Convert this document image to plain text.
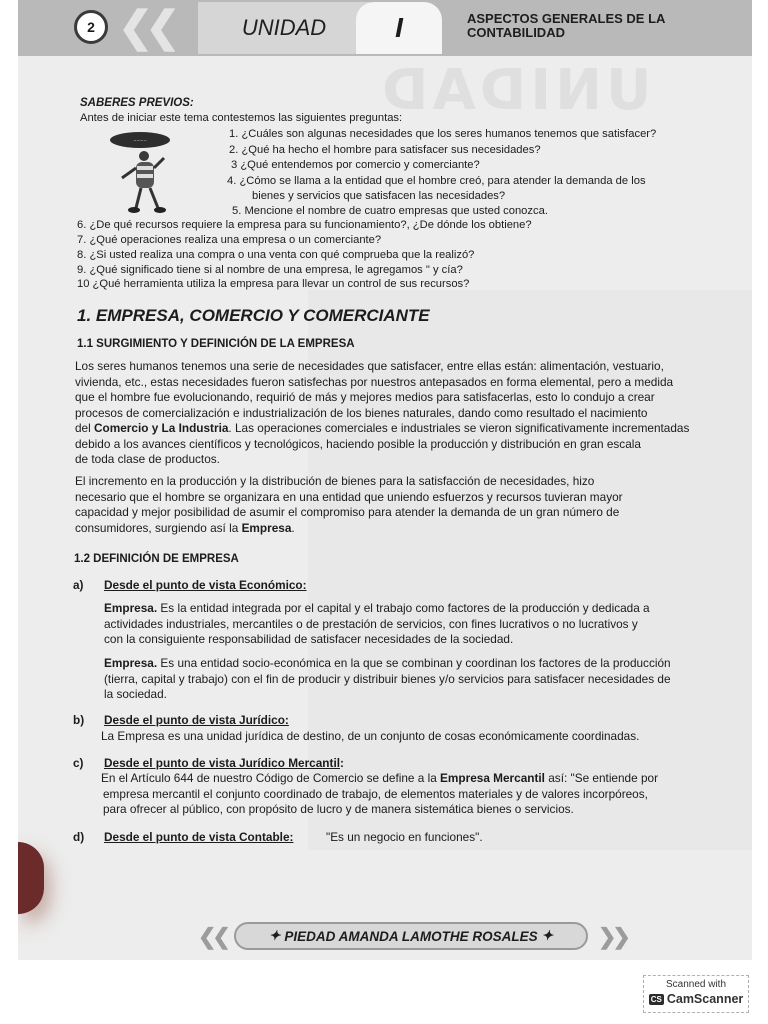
2 ❮❮	UNIDAD	I	ASPECTOS GENERALES DE LA
CONTABILIDAD
UNIDAD
SABERES PREVIOS:
Antes de iniciar este tema contestemos las siguientes preguntas:
~~~~
1. ¿Cuáles son algunas necesidades que los seres humanos tenemos que satisfacer?
2. ¿Qué ha hecho el hombre para satisfacer sus necesidades?
3 ¿Qué entendemos por comercio y comerciante?
4. ¿Cómo se llama a la entidad que el hombre creó, para atender la demanda de los
bienes y servicios que satisfacen las necesidades?
5. Mencione el nombre de cuatro empresas que usted conozca.
6. ¿De qué recursos requiere la empresa para su funcionamiento?, ¿De dónde los obtiene?
7. ¿Qué operaciones realiza una empresa o un comerciante?
8. ¿Si usted realiza una compra o una venta con qué comprueba que la realizó?
9. ¿Qué significado tiene si al nombre de una empresa, le agregamos " y cía?
10 ¿Qué herramienta utiliza la empresa para llevar un control de sus recursos?
1. EMPRESA, COMERCIO Y COMERCIANTE
1.1 SURGIMIENTO Y DEFINICIÓN DE LA EMPRESA
Los seres humanos tenemos una serie de necesidades que satisfacer, entre ellas están: alimentación, vestuario,
vivienda, etc., estas necesidades fueron satisfechas por nuestros antepasados en forma elemental, pero a medida
que el hombre fue evolucionando, requirió de más y mejores medios para satisfacerlas, esto lo condujo a crear
procesos de comercialización e industrialización de los bienes naturales, dando como resultado el nacimiento
del Comercio y La Industria. Las operaciones comerciales e industriales se vieron significativamente incrementadas
debido a los avances científicos y tecnológicos, haciendo posible la producción y distribución en gran escala
de toda clase de productos.
El incremento en la producción y la distribución de bienes para la satisfacción de necesidades, hizo
necesario que el hombre se organizara en una entidad que uniendo esfuerzos y recursos tuvieran mayor
capacidad y mejor posibilidad de asumir el compromiso para atender la demanda de un gran número de
consumidores, surgiendo así la Empresa.
1.2 DEFINICIÓN DE EMPRESA
a) Desde el punto de vista Económico:
Empresa. Es la entidad integrada por el capital y el trabajo como factores de la producción y dedicada a
actividades industriales, mercantiles o de prestación de servicios, con fines lucrativos o no lucrativos y
con la consiguiente responsabilidad de satisfacer necesidades de la sociedad.
Empresa. Es una entidad socio-económica en la que se combinan y coordinan los factores de la producción
(tierra, capital y trabajo) con el fin de producir y distribuir bienes y/o servicios para satisfacer necesidades de
la sociedad.
b) Desde el punto de vista Jurídico:
La Empresa es una unidad jurídica de destino, de un conjunto de cosas económicamente coordinadas.
c) Desde el punto de vista Jurídico Mercantil:
En el Artículo 644 de nuestro Código de Comercio se define a la Empresa Mercantil así: "Se entiende por
empresa mercantil el conjunto coordinado de trabajo, de elementos materiales y de valores incorpóreos,
para ofrecer al público, con propósito de lucro y de manera sistemática bienes o servicios.
d) Desde el punto de vista Contable:	"Es un negocio en funciones".
❮❮	✦ PIEDAD AMANDA LAMOTHE ROSALES ✦ ❯❯
Scanned with
CS CamScanner
